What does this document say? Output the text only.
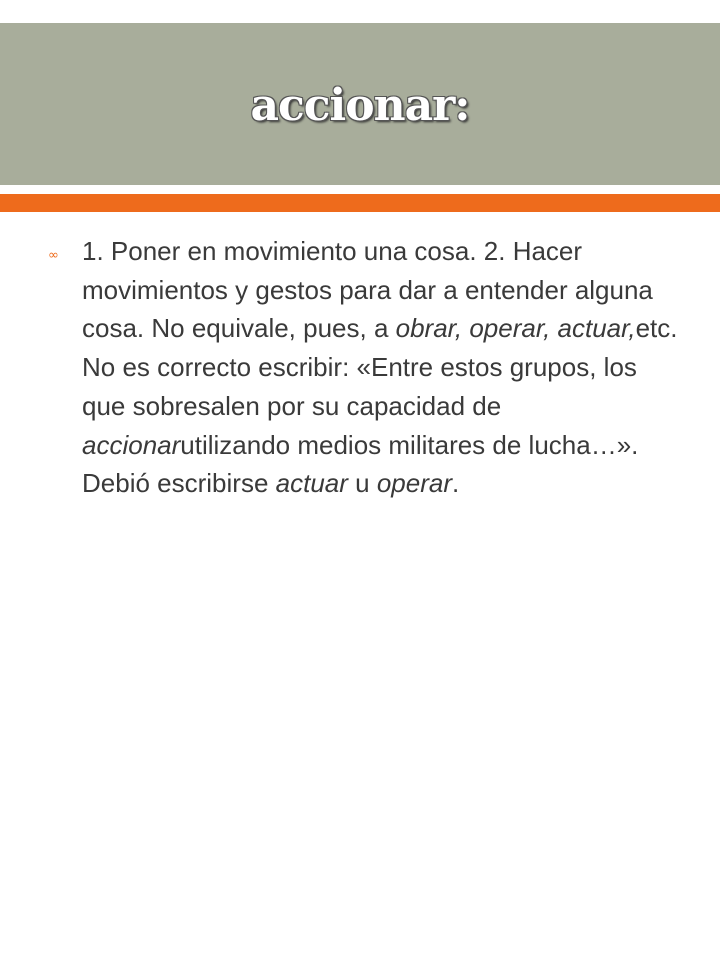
accionar:
∞ 1. Poner en movimiento una cosa. 2. Hacer movimientos y gestos para dar a entender alguna cosa. No equivale, pues, a obrar, operar, actuar,etc. No es correcto escribir: «Entre estos grupos, los que sobresalen por su capacidad de accionarutilizando medios militares de lucha…». Debió escribirse actuar u operar.
